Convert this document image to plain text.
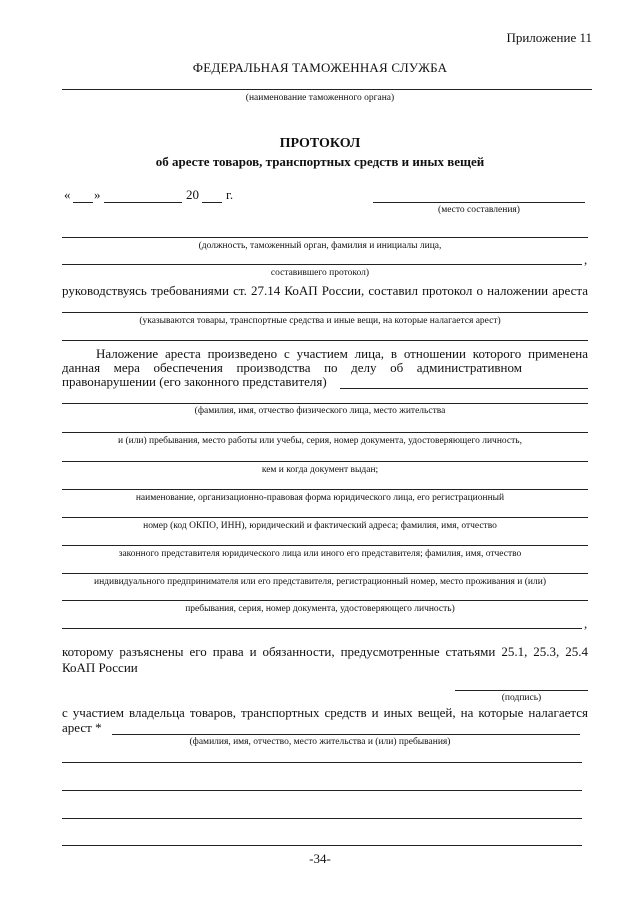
Приложение 11
ФЕДЕРАЛЬНАЯ ТАМОЖЕННАЯ СЛУЖБА
(наименование таможенного органа)
ПРОТОКОЛ
об аресте товаров, транспортных средств и иных вещей
« »	20 г.
(место составления)
(должность, таможенный орган, фамилия и инициалы лица,
,
составившего протокол)
руководствуясь требованиями ст. 27.14 КоАП России, составил протокол о наложении ареста
(указываются товары, транспортные средства и иные вещи, на которые налагается арест)
Наложение ареста произведено с участием лица, в отношении которого применена
данная мера обеспечения производства по делу об административном
правонарушении (его законного представителя)
(фамилия, имя, отчество физического лица, место жительства
и (или) пребывания, место работы или учебы, серия, номер документа, удостоверяющего личность,
кем и когда документ выдан;
наименование, организационно-правовая форма юридического лица, его регистрационный
номер (код ОКПО, ИНН), юридический и фактический адреса; фамилия, имя, отчество
законного представителя юридического лица или иного его представителя; фамилия, имя, отчество
индивидуального предпринимателя или его представителя, регистрационный номер, место проживания и (или)
пребывания, серия, номер документа, удостоверяющего личность)
,
которому разъяснены его права и обязанности, предусмотренные статьями 25.1, 25.3, 25.4
КоАП России
(подпись)
с участием владельца товаров, транспортных средств и иных вещей, на которые налагается
арест *
(фамилия, имя, отчество, место жительства и (или) пребывания)
-34-
